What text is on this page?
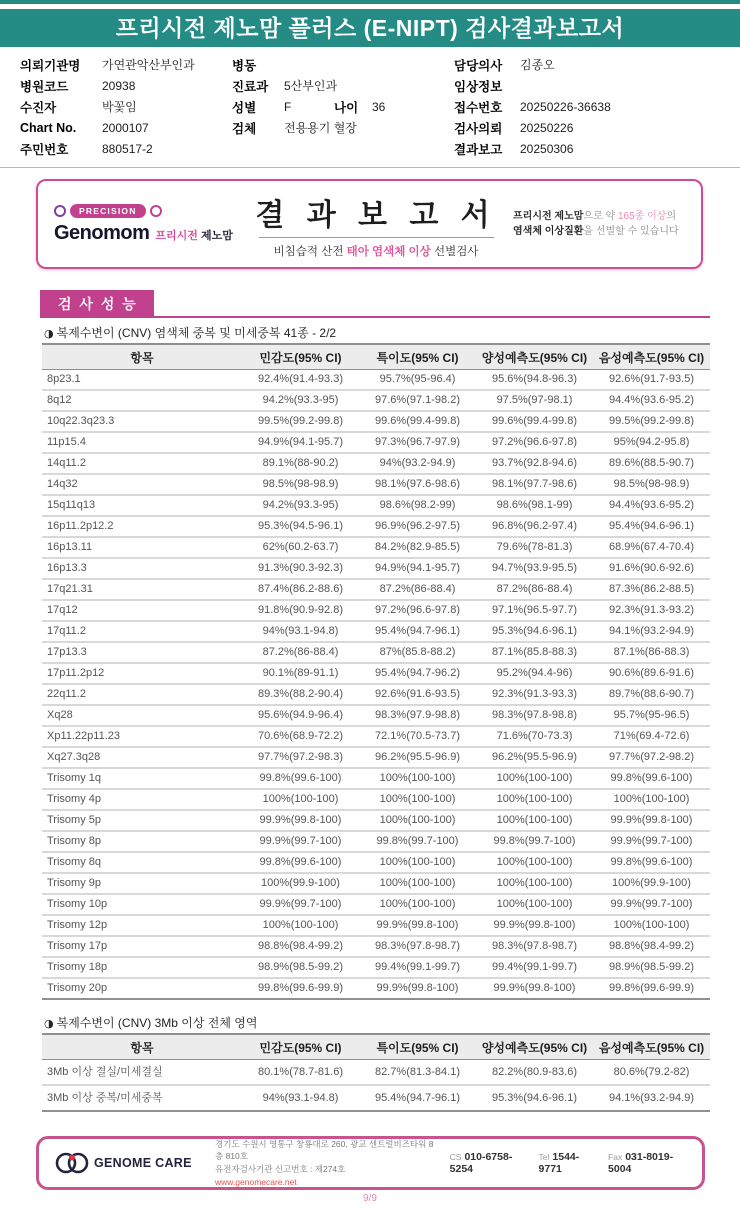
프리시전 제노맘 플러스 (E-NIPT) 검사결과보고서
의뢰기관명	가연관악산부인과
병원코드	20938
수진자	박꽃임
Chart No.	2000107
주민번호	880517-2
병동
진료과	5산부인과
성별	F	나이	36
검체	전용용기 혈장
담당의사	김종오
임상정보
접수번호	20250226-36638
검사의뢰	20250226
결과보고	20250306
PRECISION
Genomom 프리시전 제노맘
결 과 보 고 서
비침습적 산전 태아 염색체 이상 선별검사
프리시전 제노맘으로 약 165종 이상의
염색체 이상질환을 선별할 수 있습니다
검 사 성 능
◑ 복제수변이 (CNV) 염색체 중복 및 미세중복 41종 - 2/2
항목	민감도(95% CI)	특이도(95% CI)	양성예측도(95% CI)	음성예측도(95% CI)
8p23.1	92.4%(91.4-93.3)	95.7%(95-96.4)	95.6%(94.8-96.3)	92.6%(91.7-93.5)
8q12	94.2%(93.3-95)	97.6%(97.1-98.2)	97.5%(97-98.1)	94.4%(93.6-95.2)
10q22.3q23.3	99.5%(99.2-99.8)	99.6%(99.4-99.8)	99.6%(99.4-99.8)	99.5%(99.2-99.8)
11p15.4	94.9%(94.1-95.7)	97.3%(96.7-97.9)	97.2%(96.6-97.8)	95%(94.2-95.8)
14q11.2	89.1%(88-90.2)	94%(93.2-94.9)	93.7%(92.8-94.6)	89.6%(88.5-90.7)
14q32	98.5%(98-98.9)	98.1%(97.6-98.6)	98.1%(97.7-98.6)	98.5%(98-98.9)
15q11q13	94.2%(93.3-95)	98.6%(98.2-99)	98.6%(98.1-99)	94.4%(93.6-95.2)
16p11.2p12.2	95.3%(94.5-96.1)	96.9%(96.2-97.5)	96.8%(96.2-97.4)	95.4%(94.6-96.1)
16p13.11	62%(60.2-63.7)	84.2%(82.9-85.5)	79.6%(78-81.3)	68.9%(67.4-70.4)
16p13.3	91.3%(90.3-92.3)	94.9%(94.1-95.7)	94.7%(93.9-95.5)	91.6%(90.6-92.6)
17q21.31	87.4%(86.2-88.6)	87.2%(86-88.4)	87.2%(86-88.4)	87.3%(86.2-88.5)
17q12	91.8%(90.9-92.8)	97.2%(96.6-97.8)	97.1%(96.5-97.7)	92.3%(91.3-93.2)
17q11.2	94%(93.1-94.8)	95.4%(94.7-96.1)	95.3%(94.6-96.1)	94.1%(93.2-94.9)
17p13.3	87.2%(86-88.4)	87%(85.8-88.2)	87.1%(85.8-88.3)	87.1%(86-88.3)
17p11.2p12	90.1%(89-91.1)	95.4%(94.7-96.2)	95.2%(94.4-96)	90.6%(89.6-91.6)
22q11.2	89.3%(88.2-90.4)	92.6%(91.6-93.5)	92.3%(91.3-93.3)	89.7%(88.6-90.7)
Xq28	95.6%(94.9-96.4)	98.3%(97.9-98.8)	98.3%(97.8-98.8)	95.7%(95-96.5)
Xp11.22p11.23	70.6%(68.9-72.2)	72.1%(70.5-73.7)	71.6%(70-73.3)	71%(69.4-72.6)
Xq27.3q28	97.7%(97.2-98.3)	96.2%(95.5-96.9)	96.2%(95.5-96.9)	97.7%(97.2-98.2)
Trisomy 1q	99.8%(99.6-100)	100%(100-100)	100%(100-100)	99.8%(99.6-100)
Trisomy 4p	100%(100-100)	100%(100-100)	100%(100-100)	100%(100-100)
Trisomy 5p	99.9%(99.8-100)	100%(100-100)	100%(100-100)	99.9%(99.8-100)
Trisomy 8p	99.9%(99.7-100)	99.8%(99.7-100)	99.8%(99.7-100)	99.9%(99.7-100)
Trisomy 8q	99.8%(99.6-100)	100%(100-100)	100%(100-100)	99.8%(99.6-100)
Trisomy 9p	100%(99.9-100)	100%(100-100)	100%(100-100)	100%(99.9-100)
Trisomy 10p	99.9%(99.7-100)	100%(100-100)	100%(100-100)	99.9%(99.7-100)
Trisomy 12p	100%(100-100)	99.9%(99.8-100)	99.9%(99.8-100)	100%(100-100)
Trisomy 17p	98.8%(98.4-99.2)	98.3%(97.8-98.7)	98.3%(97.8-98.7)	98.8%(98.4-99.2)
Trisomy 18p	98.9%(98.5-99.2)	99.4%(99.1-99.7)	99.4%(99.1-99.7)	98.9%(98.5-99.2)
Trisomy 20p	99.8%(99.6-99.9)	99.9%(99.8-100)	99.9%(99.8-100)	99.8%(99.6-99.9)
◑ 복제수변이 (CNV) 3Mb 이상 전체 영역
항목	민감도(95% CI)	특이도(95% CI)	양성예측도(95% CI)	음성예측도(95% CI)
3Mb 이상 결실/미세결실	80.1%(78.7-81.6)	82.7%(81.3-84.1)	82.2%(80.9-83.6)	80.6%(79.2-82)
3Mb 이상 중복/미세중복	94%(93.1-94.8)	95.4%(94.7-96.1)	95.3%(94.6-96.1)	94.1%(93.2-94.9)
GENOME CARE
경기도 수원시 영통구 창룡대로 260, 광교 센트럴비즈타워 8층 810호
유전자검사기관 신고번호 : 제274호
www.genomecare.net
CS 010-6758-5254
Tel 1544-9771
Fax 031-8019-5004
9/9
